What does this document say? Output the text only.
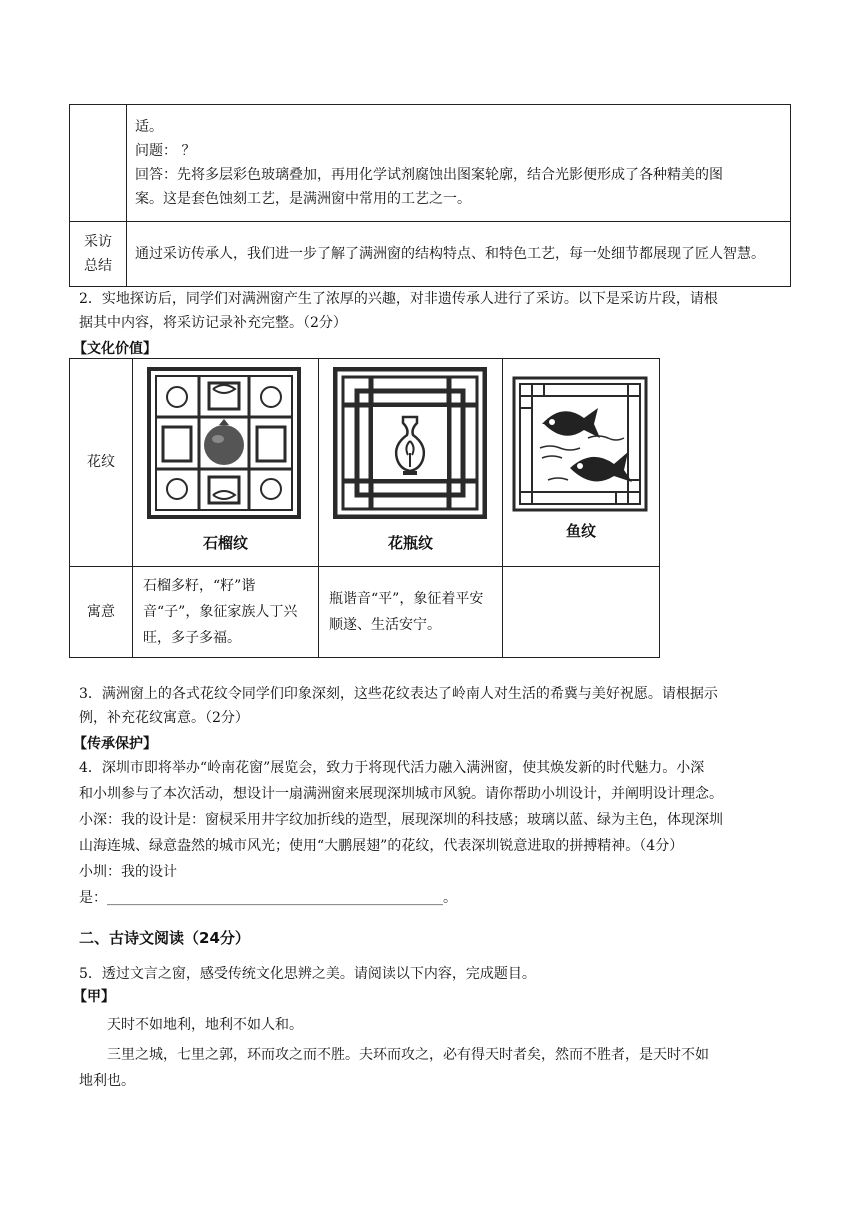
	适。
问题： ？
回答：先将多层彩色玻璃叠加，再用化学试剂腐蚀出图案轮廓，结合光影便形成了各种精美的图
案。这是套色蚀刻工艺，是满洲窗中常用的工艺之一。

采访
总结	通过采访传承人，我们进一步了解了满洲窗的结构特点、和特色工艺，每一处细节都展现了匠人智慧。
2．实地探访后，同学们对满洲窗产生了浓厚的兴趣，对非遗传承人进行了采访。以下是采访片段，请根
据其中内容，将采访记录补充完整。（2分）
【文化价值】
花纹	石榴纹	花瓶纹	鱼纹

寓意	石榴多籽，“籽”谐音“子”，象征家族人丁兴旺，多子多福。	瓶谐音“平”，象征着平安顺遂、生活安宁。	
3．满洲窗上的各式花纹令同学们印象深刻，这些花纹表达了岭南人对生活的希冀与美好祝愿。请根据示
例，补充花纹寓意。（2分）
【传承保护】
4．深圳市即将举办“岭南花窗”展览会，致力于将现代活力融入满洲窗，使其焕发新的时代魅力。小深
和小圳参与了本次活动，想设计一扇满洲窗来展现深圳城市风貌。请你帮助小圳设计，并阐明设计理念。
小深：我的设计是：窗棂采用井字纹加折线的造型，展现深圳的科技感；玻璃以蓝、绿为主色，体现深圳
山海连城、绿意盎然的城市风光；使用“大鹏展翅”的花纹，代表深圳锐意进取的拼搏精神。（4分）
小圳：我的设计
是：________________________________________________。
二、古诗文阅读（24分）
5．透过文言之窗，感受传统文化思辨之美。请阅读以下内容，完成题目。
【甲】
天时不如地利，地利不如人和。
三里之城，七里之郭，环而攻之而不胜。夫环而攻之，必有得天时者矣，然而不胜者，是天时不如
地利也。
